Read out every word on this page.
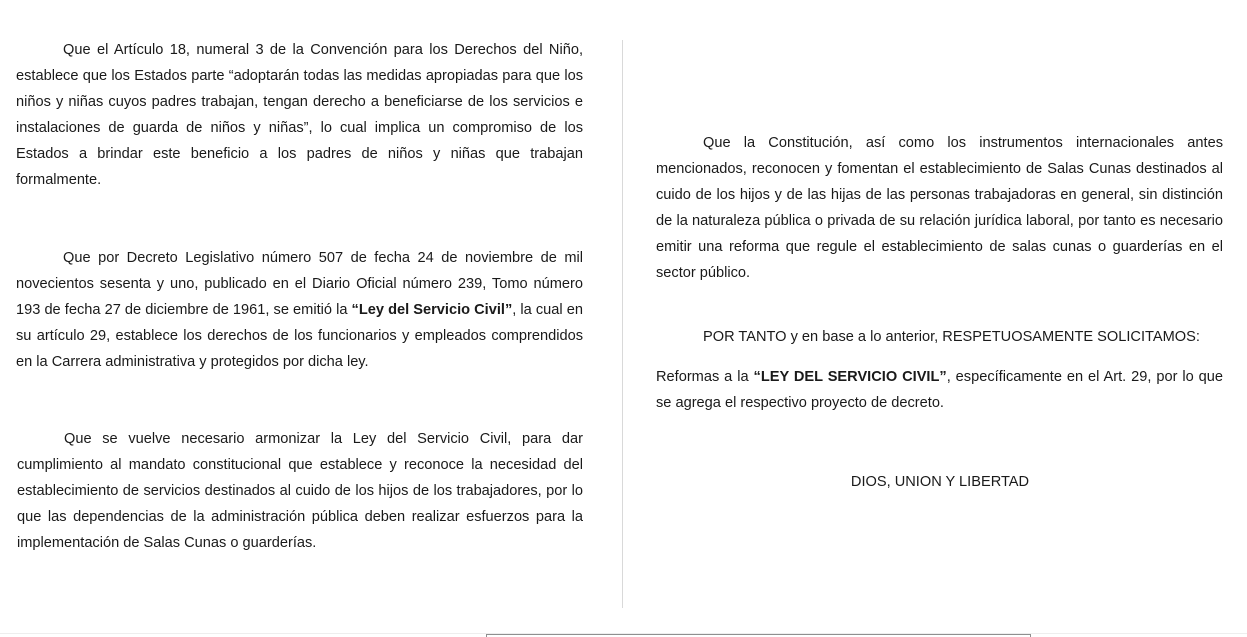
Que el Artículo 18, numeral 3 de la Convención para los Derechos del Niño, establece que los Estados parte “adoptarán todas las medidas apropiadas para que los niños y niñas cuyos padres trabajan, tengan derecho a beneficiarse de los servicios e instalaciones de guarda de niños y niñas”, lo cual implica un compromiso de los Estados a brindar este beneficio a los padres de niños y niñas que trabajan formalmente.

Que por Decreto Legislativo número 507 de fecha 24 de noviembre de mil novecientos sesenta y uno, publicado en el Diario Oficial número 239, Tomo número 193 de fecha 27 de diciembre de 1961, se emitió la “Ley del Servicio Civil”, la cual en su artículo 29, establece los derechos de los funcionarios y empleados comprendidos en la Carrera administrativa y protegidos por dicha ley.

Que se vuelve necesario armonizar la Ley del Servicio Civil, para dar cumplimiento al mandato constitucional que establece y reconoce la necesidad del establecimiento de servicios destinados al cuido de los hijos de los trabajadores, por lo que las dependencias de la administración pública deben realizar esfuerzos para la implementación de Salas Cunas o guarderías.

Que la Constitución, así como los instrumentos internacionales antes mencionados, reconocen y fomentan el establecimiento de Salas Cunas destinados al cuido de los hijos y de las hijas de las personas trabajadoras en general, sin distinción de la naturaleza pública o privada de su relación jurídica laboral, por tanto es necesario emitir una reforma que regule el establecimiento de salas cunas o guarderías en el sector público.

POR TANTO y en base a lo anterior, RESPETUOSAMENTE SOLICITAMOS:

Reformas a la “LEY DEL SERVICIO CIVIL”, específicamente en el Art. 29, por lo que se agrega el respectivo proyecto de decreto.

DIOS, UNION Y LIBERTAD
